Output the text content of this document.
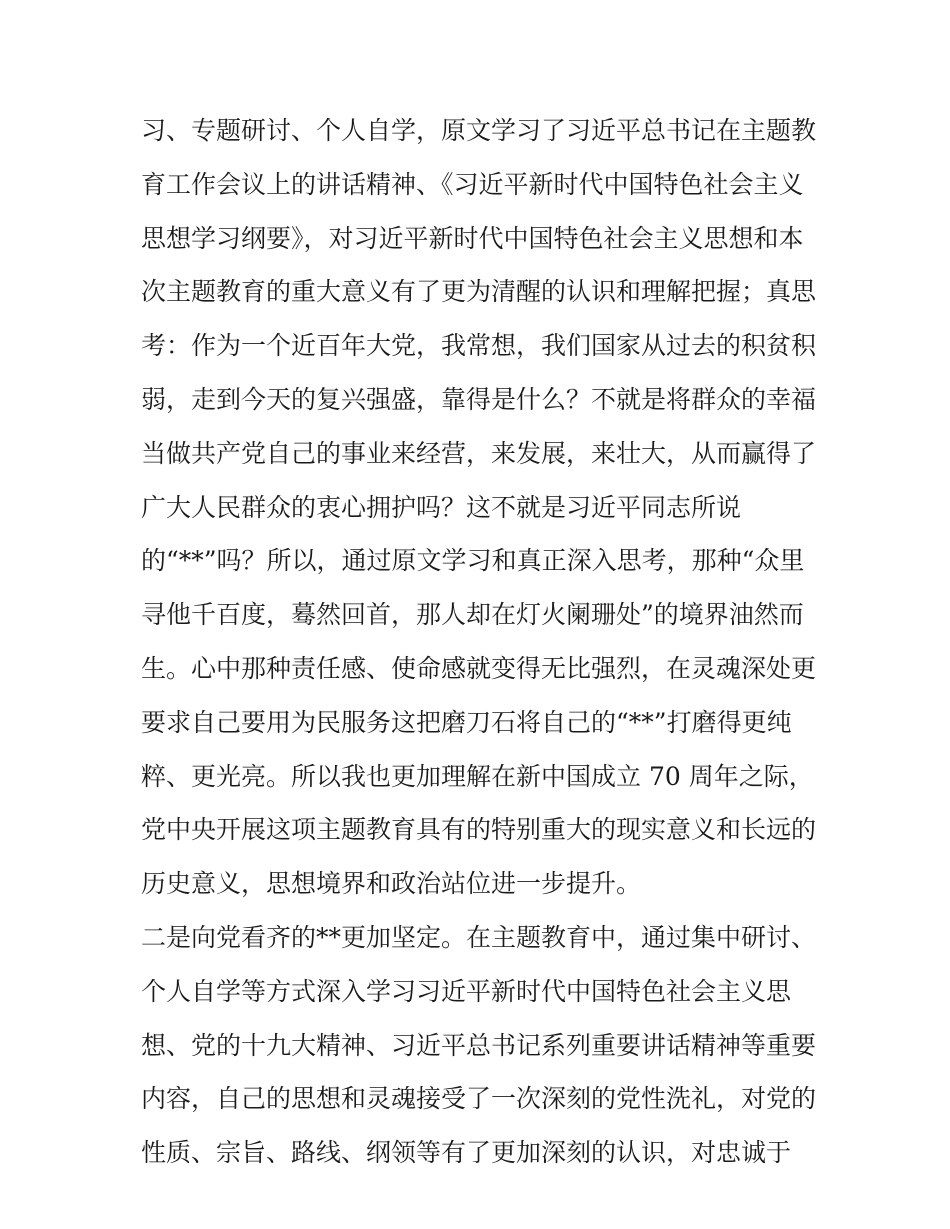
习、专题研讨、个人自学，原文学习了习近平总书记在主题教
育工作会议上的讲话精神、《习近平新时代中国特色社会主义
思想学习纲要》，对习近平新时代中国特色社会主义思想和本
次主题教育的重大意义有了更为清醒的认识和理解把握；真思
考：作为一个近百年大党，我常想，我们国家从过去的积贫积
弱，走到今天的复兴强盛，靠得是什么？不就是将群众的幸福
当做共产党自己的事业来经营，来发展，来壮大，从而赢得了
广大人民群众的衷心拥护吗？这不就是习近平同志所说
的“**”吗？所以，通过原文学习和真正深入思考，那种“众里
寻他千百度，蓦然回首，那人却在灯火阑珊处”的境界油然而
生。心中那种责任感、使命感就变得无比强烈，在灵魂深处更
要求自己要用为民服务这把磨刀石将自己的“**”打磨得更纯
粹、更光亮。所以我也更加理解在新中国成立 70 周年之际，
党中央开展这项主题教育具有的特别重大的现实意义和长远的
历史意义，思想境界和政治站位进一步提升。
二是向党看齐的**更加坚定。在主题教育中，通过集中研讨、
个人自学等方式深入学习习近平新时代中国特色社会主义思
想、党的十九大精神、习近平总书记系列重要讲话精神等重要
内容，自己的思想和灵魂接受了一次深刻的党性洗礼，对党的
性质、宗旨、路线、纲领等有了更加深刻的认识，对忠诚于
